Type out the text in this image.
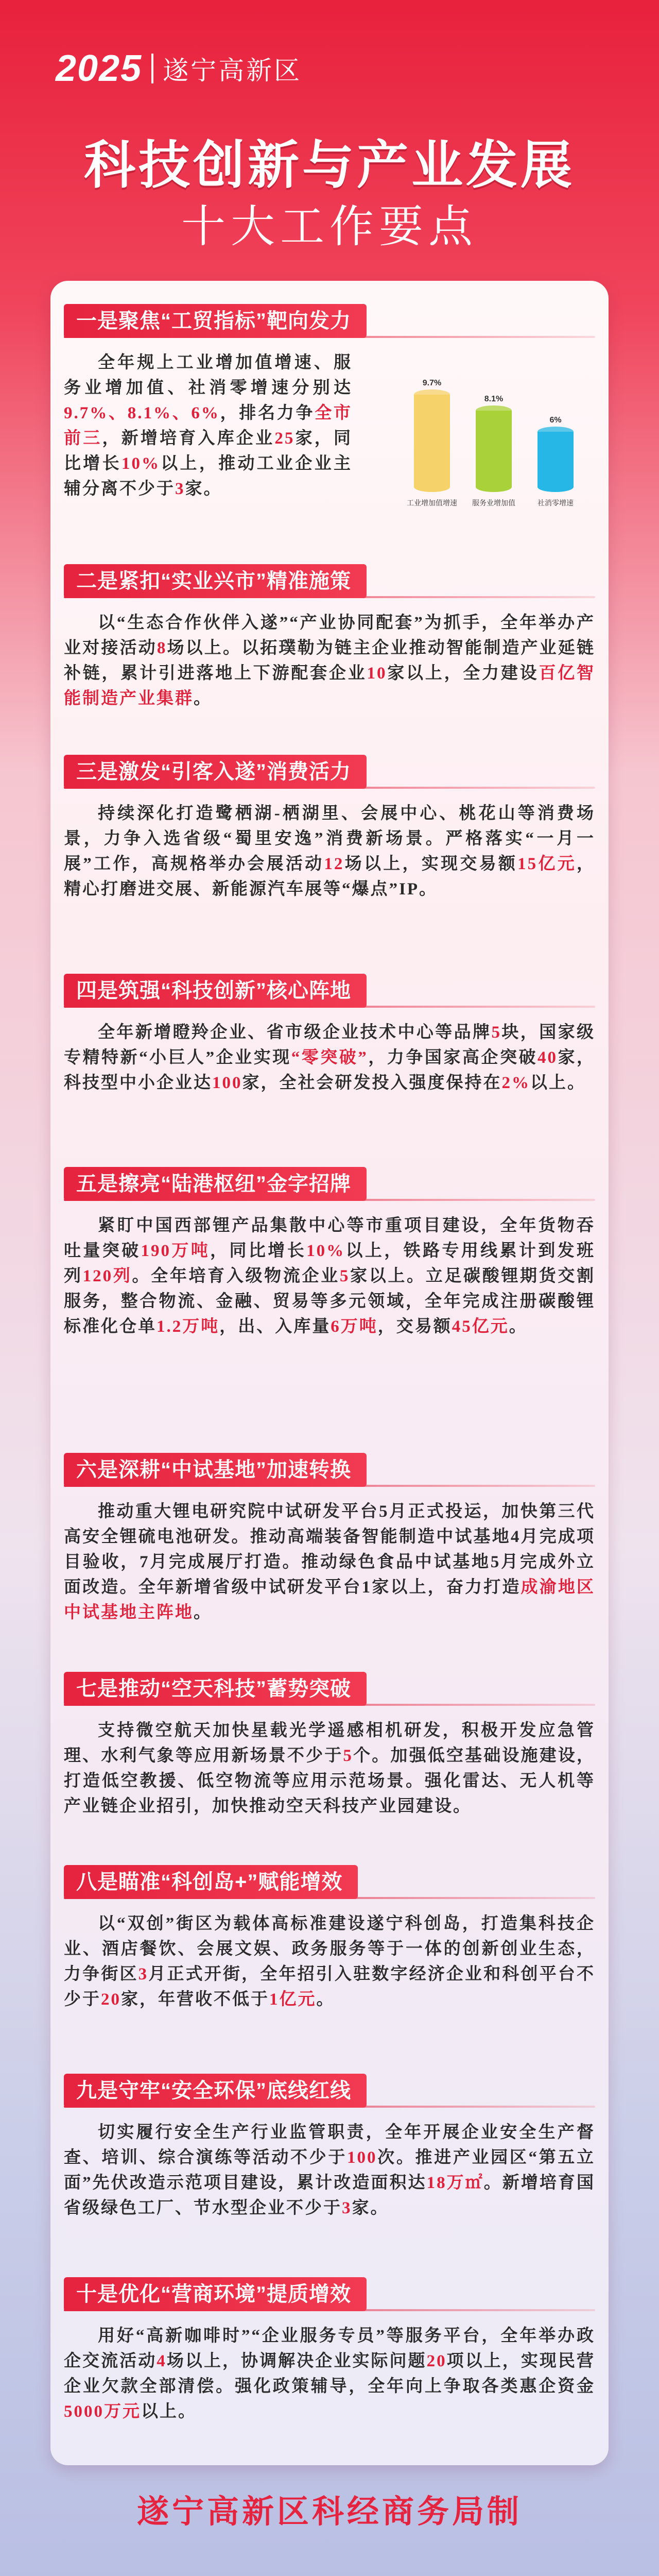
2025 遂宁高新区
科技创新与产业发展
十大工作要点
一是聚焦“工贸指标”靶向发力
全年规上工业增加值增速、服务业增加值、社消零增速分别达9.7%、8.1%、6%，排名力争全市前三，新增培育入库企业25家，同比增长10%以上，推动工业企业主辅分离不少于3家。
9.7%
工业增加值增速
8.1%
服务业增加值
6%
社消零增速
二是紧扣“实业兴市”精准施策
以“生态合作伙伴入遂”“产业协同配套”为抓手，全年举办产业对接活动8场以上。以拓璞勒为链主企业推动智能制造产业延链补链，累计引进落地上下游配套企业10家以上，全力建设百亿智能制造产业集群。
三是激发“引客入遂”消费活力
持续深化打造鹭栖湖-栖湖里、会展中心、桃花山等消费场景，力争入选省级“蜀里安逸”消费新场景。严格落实“一月一展”工作，高规格举办会展活动12场以上，实现交易额15亿元，精心打磨进交展、新能源汽车展等“爆点”IP。
四是筑强“科技创新”核心阵地
全年新增瞪羚企业、省市级企业技术中心等品牌5块，国家级专精特新“小巨人”企业实现“零突破”，力争国家高企突破40家，科技型中小企业达100家，全社会研发投入强度保持在2%以上。
五是擦亮“陆港枢纽”金字招牌
紧盯中国西部锂产品集散中心等市重项目建设，全年货物吞吐量突破190万吨，同比增长10%以上，铁路专用线累计到发班列120列。全年培育入级物流企业5家以上。立足碳酸锂期货交割服务，整合物流、金融、贸易等多元领域，全年完成注册碳酸锂标准化仓单1.2万吨，出、入库量6万吨，交易额45亿元。
六是深耕“中试基地”加速转换
推动重大锂电研究院中试研发平台5月正式投运，加快第三代高安全锂硫电池研发。推动高端装备智能制造中试基地4月完成项目验收，7月完成展厅打造。推动绿色食品中试基地5月完成外立面改造。全年新增省级中试研发平台1家以上，奋力打造成渝地区中试基地主阵地。
七是推动“空天科技”蓄势突破
支持微空航天加快星载光学遥感相机研发，积极开发应急管理、水利气象等应用新场景不少于5个。加强低空基础设施建设，打造低空教援、低空物流等应用示范场景。强化雷达、无人机等产业链企业招引，加快推动空天科技产业园建设。
八是瞄准“科创岛+”赋能增效
以“双创”街区为载体高标准建设遂宁科创岛，打造集科技企业、酒店餐饮、会展文娱、政务服务等于一体的创新创业生态，力争街区3月正式开街，全年招引入驻数字经济企业和科创平台不少于20家，年营收不低于1亿元。
九是守牢“安全环保”底线红线
切实履行安全生产行业监管职责，全年开展企业安全生产督查、培训、综合演练等活动不少于100次。推进产业园区“第五立面”先伏改造示范项目建设，累计改造面积达18万㎡。新增培育国省级绿色工厂、节水型企业不少于3家。
十是优化“营商环境”提质增效
用好“高新咖啡时”“企业服务专员”等服务平台，全年举办政企交流活动4场以上，协调解决企业实际问题20项以上，实现民营企业欠款全部清偿。强化政策辅导，全年向上争取各类惠企资金5000万元以上。
遂宁高新区科经商务局制
